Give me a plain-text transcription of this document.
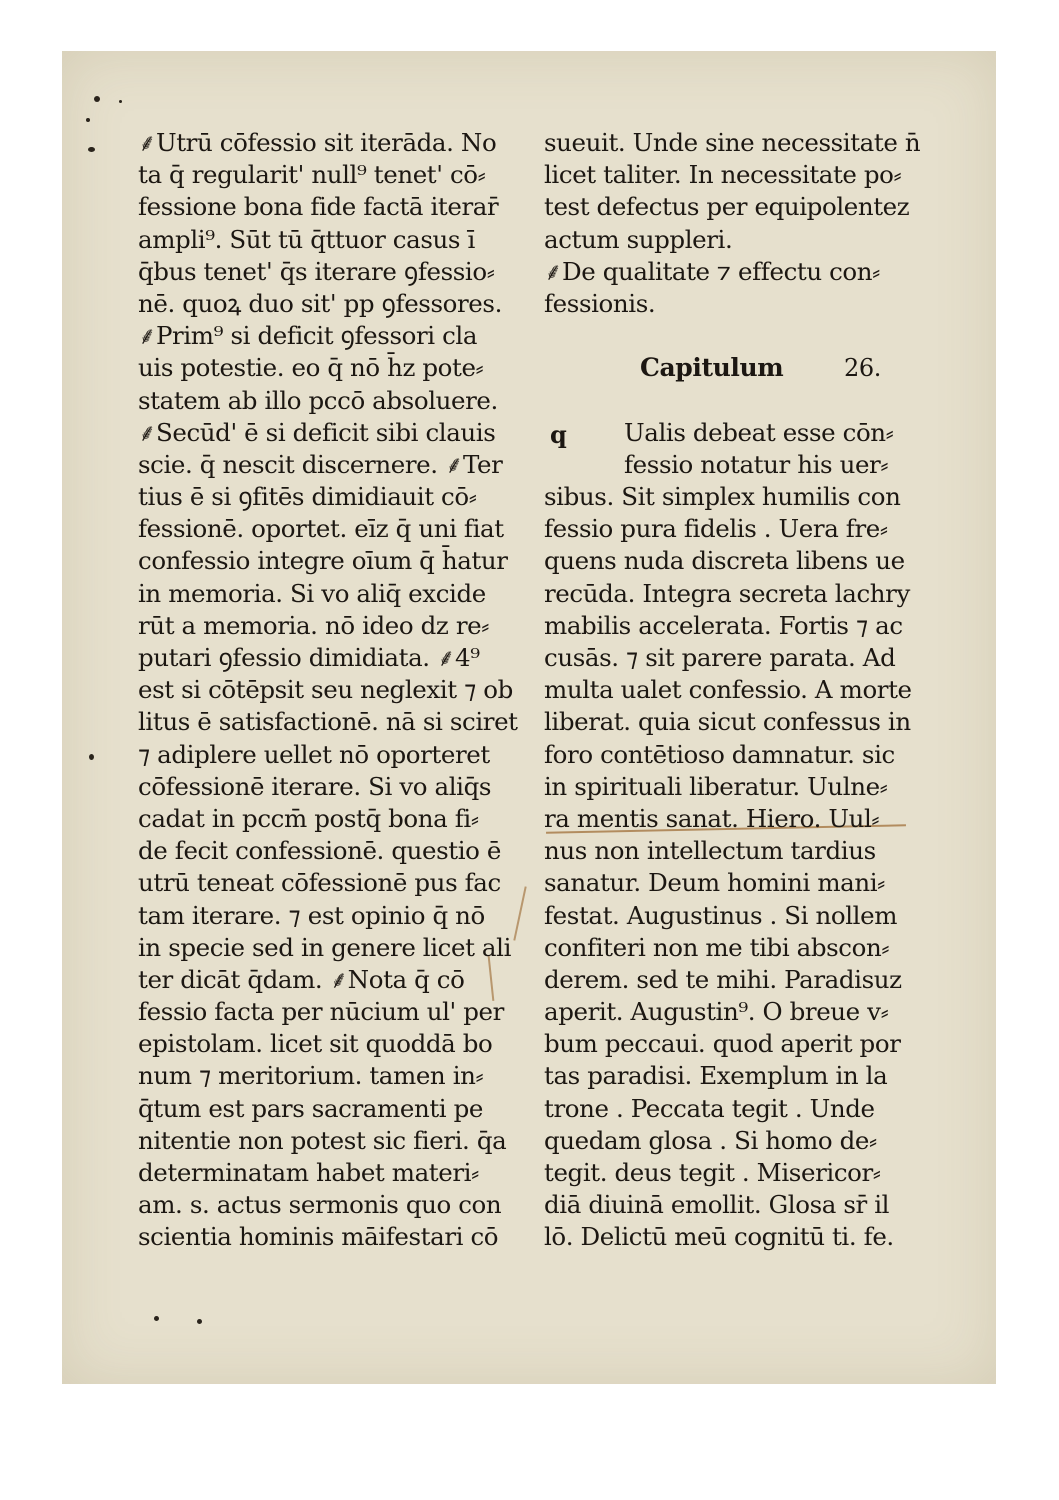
⸙Utrū cōfessio sit iterāda. No
ta q̄ regularit' null⁹ tenet' cō⸗
fessione bona fide factā iterar̄
ampli⁹. Sūt tū q̄ttuor casus ī
q̄bus tenet' q̄s iterare ꝯfessio⸗
nē. quoꝝ duo sit' pp ꝯfessores.
⸙Prim⁹ si deficit ꝯfessori cla
uis potestie. eo q̄ nō h̄z pote⸗
statem ab illo pccō absoluere.
⸙Secūd' ē si deficit sibi clauis
scie. q̄ nescit discernere. ⸙Ter
tius ē si ꝯfitēs dimidiauit cō⸗
fessionē. oportet. eīz q̄ uni fiat
confessio integre oīum q̄ h̄atur
in memoria. Si vo aliq̄ excide
rūt a memoria. nō ideo dz re⸗
putari ꝯfessio dimidiata. ⸙4⁹
est si cōtēpsit seu neglexit ⁊ ob
litus ē satisfactionē. nā si sciret
⁊ adiplere uellet nō oporteret
cōfessionē iterare. Si vo aliq̄s
cadat in pccm̄ postq̄ bona fi⸗
de fecit confessionē. questio ē
utrū teneat cōfessionē pus fac
tam iterare. ⁊ est opinio q̄ nō
in specie sed in genere licet ali
ter dicāt q̄dam. ⸙Nota q̄ cō
fessio facta per nūcium ul' per
epistolam. licet sit quoddā bo
num ⁊ meritorium. tamen in⸗
q̄tum est pars sacramenti pe
nitentie non potest sic fieri. q̄a
determinatam habet materi⸗
am. s. actus sermonis quo con
scientia hominis māifestari cō
sueuit. Unde sine necessitate n̄
licet taliter. In necessitate po⸗
test defectus per equipolentez
actum suppleri.
⸙De qualitate ⁊ effectu con⸗
fessionis.
Capitulum	26.
q Ualis debeat esse cōn⸗
fessio notatur his uer⸗
sibus. Sit simplex humilis con
fessio pura fidelis . Uera fre⸗
quens nuda discreta libens ue
recūda. Integra secreta lachry
mabilis accelerata. Fortis ⁊ ac
cusās. ⁊ sit parere parata. Ad
multa ualet confessio. A morte
liberat. quia sicut confessus in
foro contētioso damnatur. sic
in spirituali liberatur. Uulne⸗
ra mentis sanat. Hiero. Uul⸗
nus non intellectum tardius
sanatur. Deum homini mani⸗
festat. Augustinus . Si nollem
confiteri non me tibi abscon⸗
derem. sed te mihi. Paradisuz
aperit. Augustin⁹. O breue v⸗
bum peccaui. quod aperit por
tas paradisi. Exemplum in la
trone . Peccata tegit . Unde
quedam glosa . Si homo de⸗
tegit. deus tegit . Misericor⸗
diā diuinā emollit. Glosa sr̄ il
lō. Delictū meū cognitū ti. fe.
